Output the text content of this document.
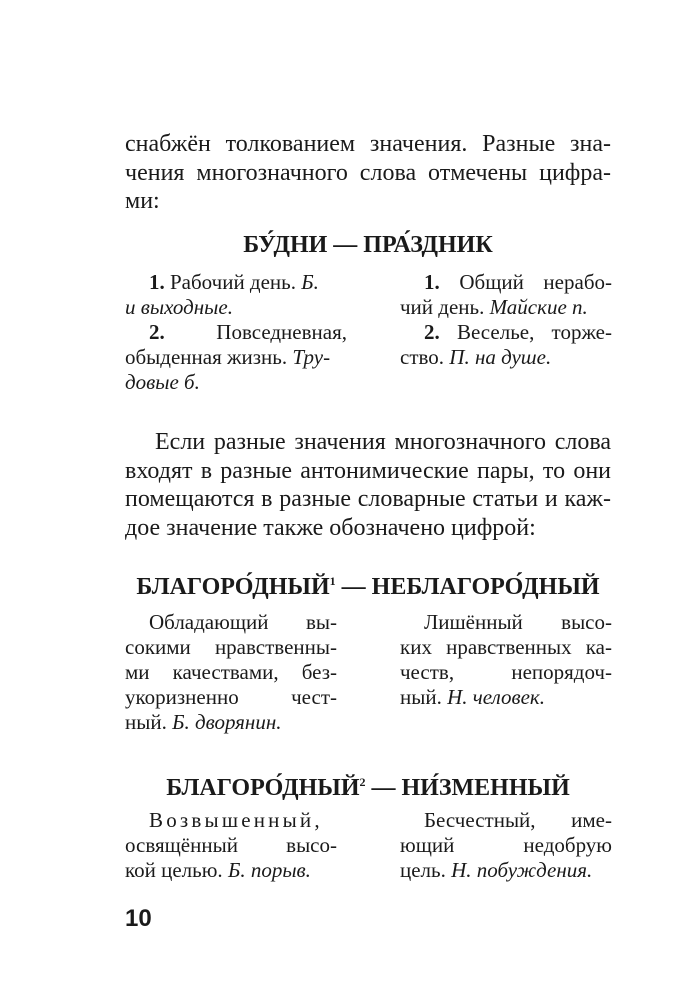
снабжён толкованием значения. Разные зна-
чения многозначного слова отмечены цифра-
ми:
БУ́ДНИ — ПРА́ЗДНИК
1. Рабочий день. Б.
и выходные.
2. Повседневная,
обыденная жизнь. Тру-
довые б.
1. Общий нерабо-
чий день. Майские п.
2. Веселье, торже-
ство. П. на душе.
Если разные значения многозначного слова
входят в разные антонимические пары, то они
помещаются в разные словарные статьи и каж-
дое значение также обозначено цифрой:
БЛАГОРО́ДНЫЙ$^1$ — НЕБЛАГОРО́ДНЫЙ
Обладающий вы-
сокими нравственны-
ми качествами, без-
укоризненно чест-
ный. Б. дворянин.
Лишённый высо-
ких нравственных ка-
честв, непорядоч-
ный. Н. человек.
БЛАГОРО́ДНЫЙ$^2$ — НИ́ЗМЕННЫЙ
Возвышенный,
освящённый высо-
кой целью. Б. порыв.
Бесчестный, име-
ющий недобрую
цель. Н. побуждения.
10
